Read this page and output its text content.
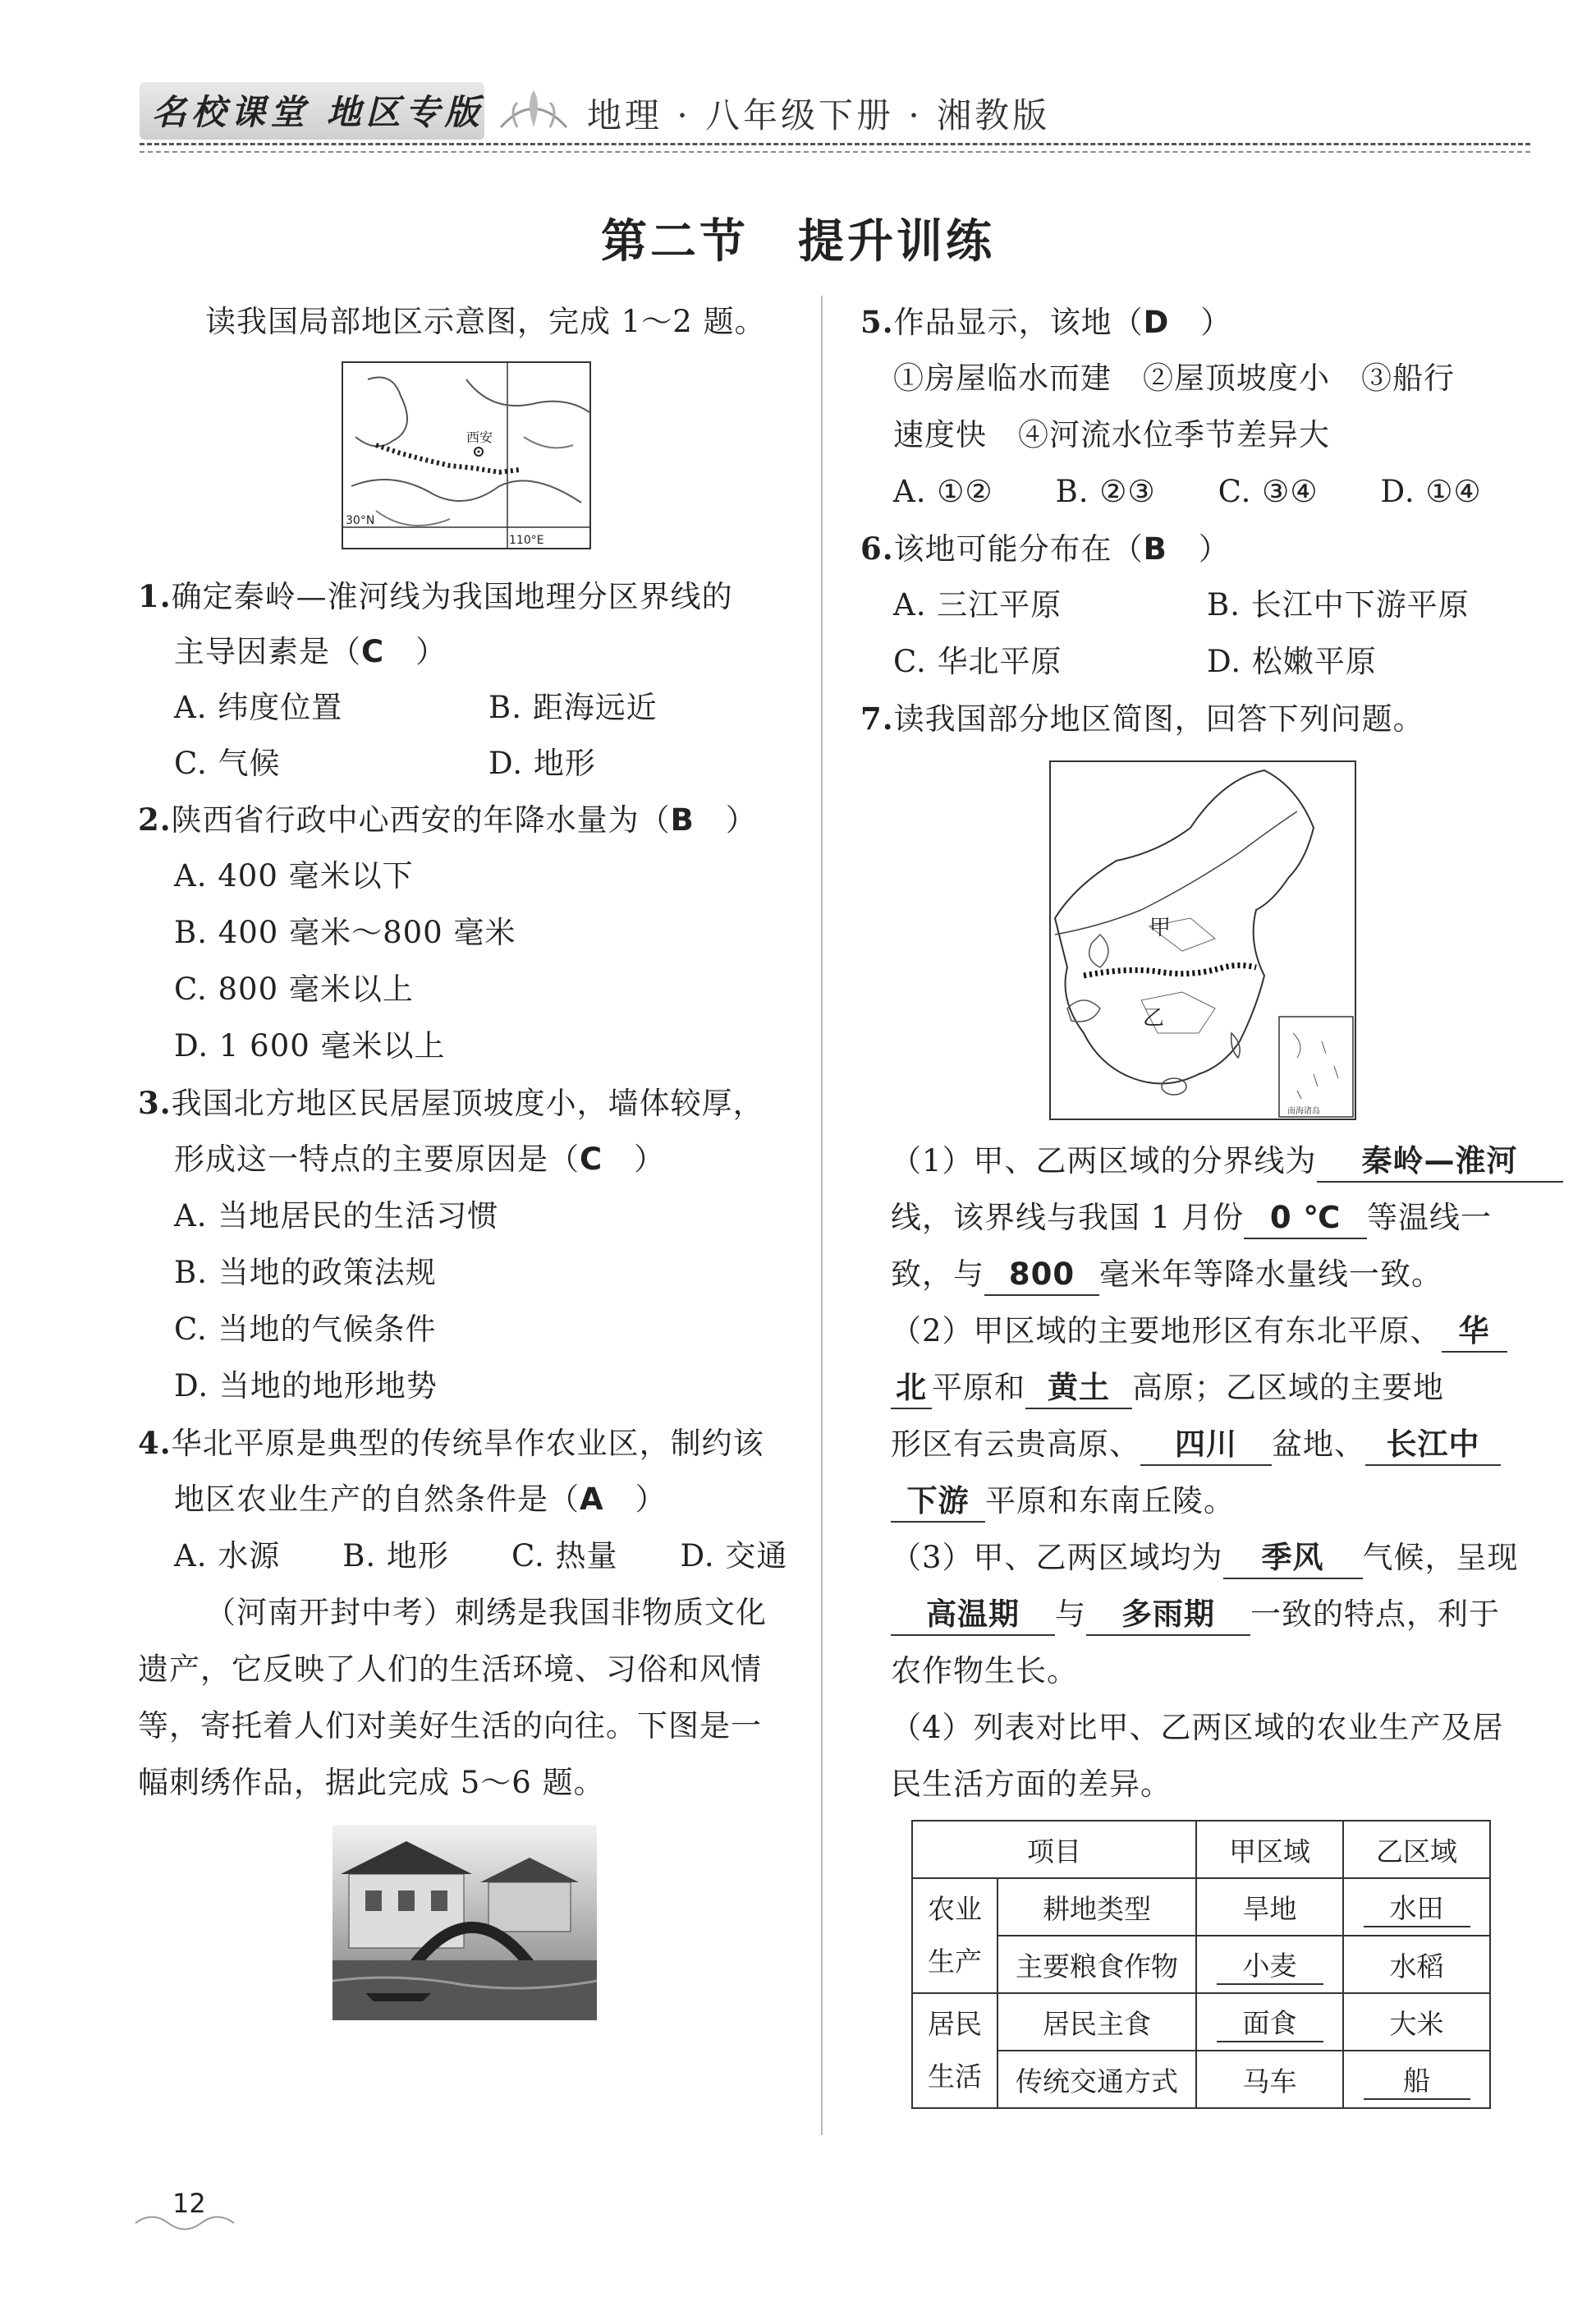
名校课堂 地区专版	地理 · 八年级下册 · 湘教版
第二节　提升训练
读我国局部地区示意图，完成 1～2 题。
西安
30°N
110°E
1.确定秦岭—淮河线为我国地理分区界线的
主导因素是（C　 ）
A. 纬度位置	B. 距海远近
C. 气候	D. 地形
2.陕西省行政中心西安的年降水量为（B　 ）
A. 400 毫米以下
B. 400 毫米～800 毫米
C. 800 毫米以上
D. 1 600 毫米以上
3.我国北方地区民居屋顶坡度小，墙体较厚，
形成这一特点的主要原因是（C　 ）
A. 当地居民的生活习惯
B. 当地的政策法规
C. 当地的气候条件
D. 当地的地形地势
4.华北平原是典型的传统旱作农业区，制约该
地区农业生产的自然条件是（A　 ）
A. 水源　　B. 地形　　C. 热量　　D. 交通
（河南开封中考）刺绣是我国非物质文化
遗产，它反映了人们的生活环境、习俗和风情
等，寄托着人们对美好生活的向往。下图是一
幅刺绣作品，据此完成 5～6 题。
5.作品显示，该地（D　 ）
①房屋临水而建　②屋顶坡度小　③船行
速度快　④河流水位季节差异大
A. ①②　　B. ②③　　C. ③④　　D. ①④
6.该地可能分布在（B　 ）
A. 三江平原	B. 长江中下游平原
C. 华北平原	D. 松嫩平原
7.读我国部分地区简图，回答下列问题。
甲
乙
南海诸岛
（1）甲、乙两区域的分界线为 秦岭—淮河
线，该界线与我国 1 月份 0 ℃ 等温线一
致，与 800 毫米年等降水量线一致。
（2）甲区域的主要地形区有东北平原、 华
北 平原和 黄土 高原；乙区域的主要地
形区有云贵高原、 四川 盆地、 长江中
下游 平原和东南丘陵。
（3）甲、乙两区域均为 季风 气候，呈现
高温期 与 多雨期 一致的特点，利于
农作物生长。
（4）列表对比甲、乙两区域的农业生产及居
民生活方面的差异。
项目		甲区域	乙区域
农业
生产	耕地类型	旱地	水田
	主要粮食作物	小麦	水稻
居民
生活	居民主食	面食	大米
	传统交通方式	马车	船
12
